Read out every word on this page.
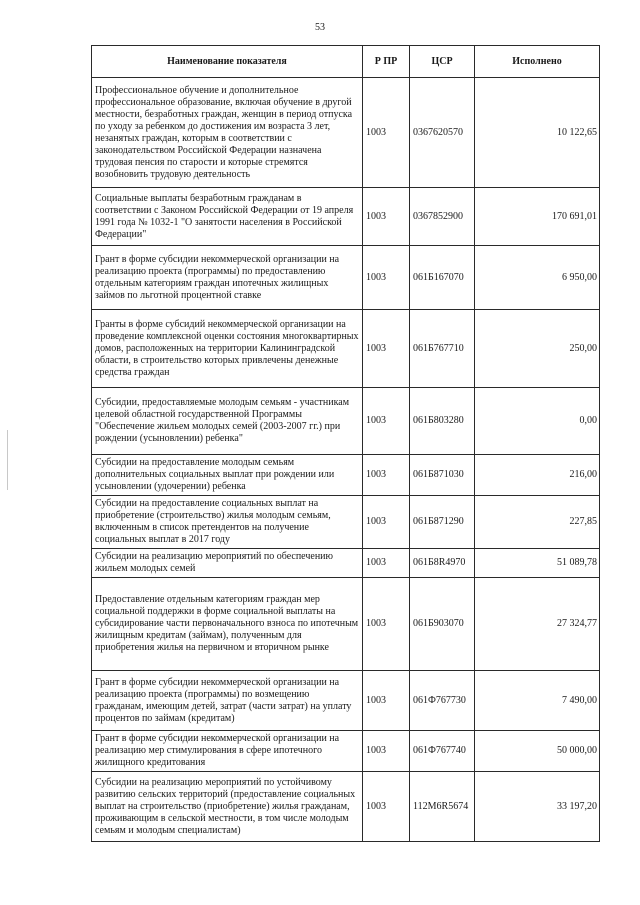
53
Наименование показателя	Р ПР	ЦСР	Исполнено
Профессиональное обучение и дополнительное профессиональное образование, включая обучение в другой местности, безработных граждан, женщин в период отпуска по уходу за ребенком до достижения им возраста 3 лет, незанятых граждан, которым в соответствии с законодательством Российской Федерации назначена трудовая пенсия по старости и которые стремятся возобновить трудовую деятельность	1003	0367620570	10 122,65
Социальные выплаты безработным гражданам в соответствии с Законом Российской Федерации от 19 апреля 1991 года № 1032-1 "О занятости населения в Российской Федерации"	1003	0367852900	170 691,01
Грант в форме субсидии некоммерческой организации на реализацию проекта (программы) по предоставлению отдельным категориям граждан ипотечных жилищных займов по льготной процентной ставке	1003	061Б167070	6 950,00
Гранты в форме субсидий некоммерческой организации на проведение комплексной оценки состояния многоквартирных домов, расположенных на территории Калининградской области, в строительство которых привлечены денежные средства граждан	1003	061Б767710	250,00
Субсидии, предоставляемые молодым семьям - участникам целевой областной государственной Программы "Обеспечение жильем молодых семей (2003-2007 гг.) при рождении (усыновлении) ребенка"	1003	061Б803280	0,00
Субсидии на предоставление молодым семьям дополнительных социальных выплат при рождении или усыновлении (удочерении) ребенка	1003	061Б871030	216,00
Субсидии на предоставление социальных выплат на приобретение (строительство) жилья молодым семьям, включенным в список претендентов на получение социальных выплат в 2017 году	1003	061Б871290	227,85
Субсидии на реализацию мероприятий по обеспечению жильем молодых семей	1003	061Б8R4970	51 089,78
Предоставление отдельным категориям граждан мер социальной поддержки в форме социальной выплаты на субсидирование части первоначального взноса по ипотечным жилищным кредитам (займам), полученным для приобретения жилья на первичном и вторичном рынке	1003	061Б903070	27 324,77
Грант в форме субсидии некоммерческой организации на реализацию проекта (программы) по возмещению гражданам, имеющим детей, затрат (части затрат) на уплату процентов по займам (кредитам)	1003	061Ф767730	7 490,00
Грант в форме субсидии некоммерческой организации на реализацию мер стимулирования в сфере ипотечного жилищного кредитования	1003	061Ф767740	50 000,00
Субсидии на реализацию мероприятий по устойчивому развитию сельских территорий (предоставление социальных выплат на строительство (приобретение) жилья гражданам, проживающим в сельской местности, в том числе молодым семьям и молодым специалистам)	1003	112М6R5674	33 197,20
